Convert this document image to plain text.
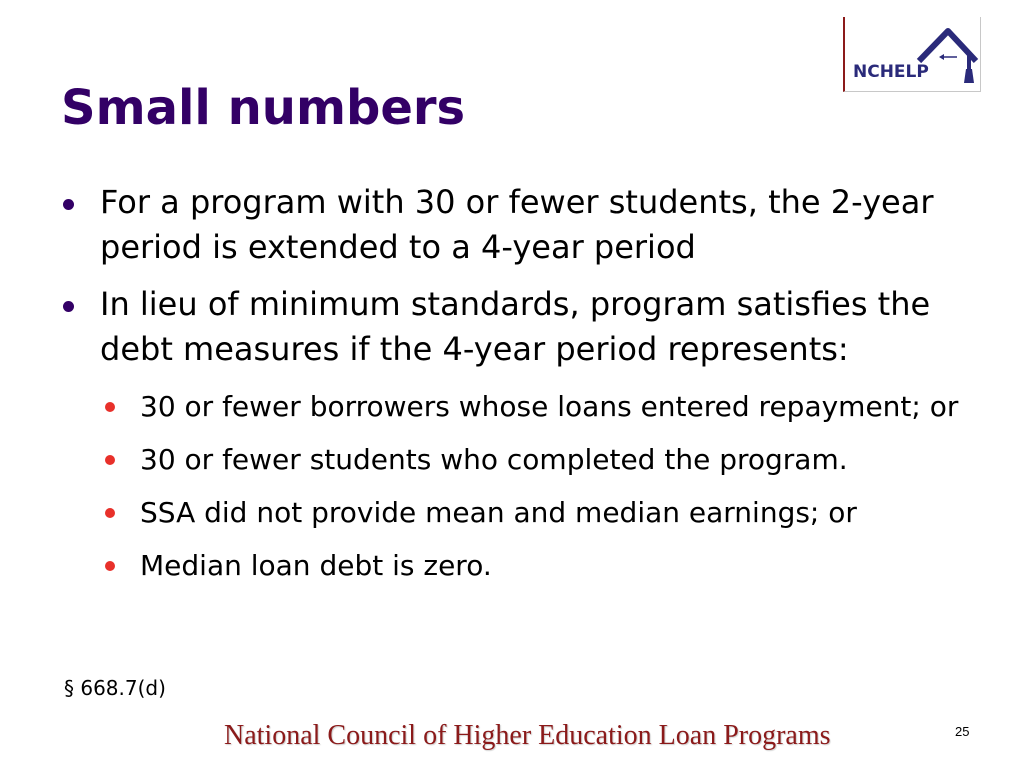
NCHELP
Small numbers
For a program with 30 or fewer students, the 2-year period is extended to a 4-year period
In lieu of minimum standards, program satisfies the debt measures if the 4-year period represents:
30 or fewer borrowers whose loans entered repayment; or
30 or fewer students who completed the program.
SSA did not provide mean and median earnings; or
Median loan debt is zero.
§ 668.7(d)
National Council of Higher Education Loan Programs	25
